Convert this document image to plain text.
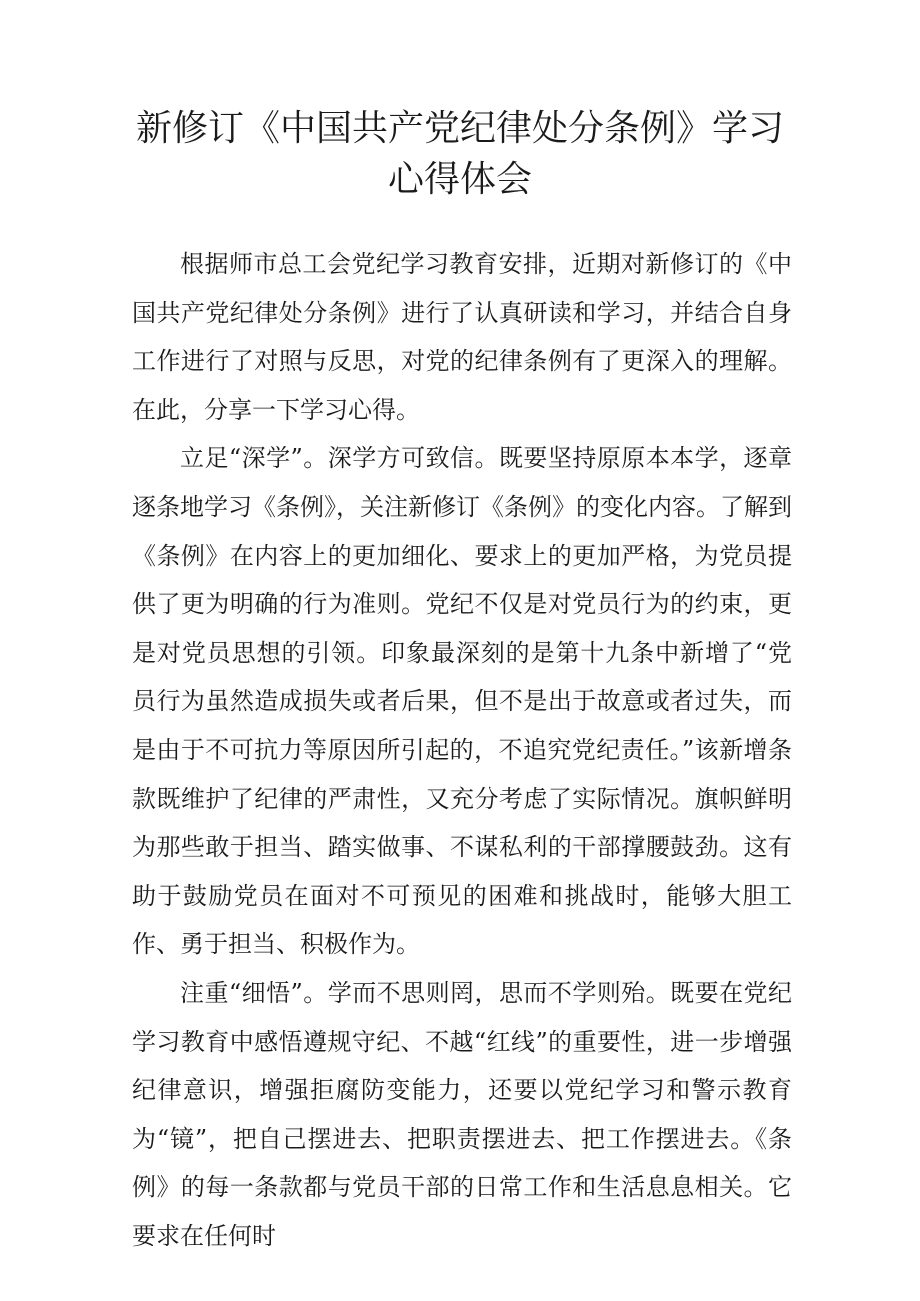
新修订《中国共产党纪律处分条例》学习
心得体会

根据师市总工会党纪学习教育安排，近期对新修订的《中国共产党纪律处分条例》进行了认真研读和学习，并结合自身工作进行了对照与反思，对党的纪律条例有了更深入的理解。在此，分享一下学习心得。

立足“深学”。深学方可致信。既要坚持原原本本学，逐章逐条地学习《条例》，关注新修订《条例》的变化内容。了解到《条例》在内容上的更加细化、要求上的更加严格，为党员提供了更为明确的行为准则。党纪不仅是对党员行为的约束，更是对党员思想的引领。印象最深刻的是第十九条中新增了“党员行为虽然造成损失或者后果，但不是出于故意或者过失，而是由于不可抗力等原因所引起的，不追究党纪责任。”该新增条款既维护了纪律的严肃性，又充分考虑了实际情况。旗帜鲜明为那些敢于担当、踏实做事、不谋私利的干部撑腰鼓劲。这有助于鼓励党员在面对不可预见的困难和挑战时，能够大胆工作、勇于担当、积极作为。

注重“细悟”。学而不思则罔，思而不学则殆。既要在党纪学习教育中感悟遵规守纪、不越“红线”的重要性，进一步增强纪律意识，增强拒腐防变能力，还要以党纪学习和警示教育为“镜”，把自己摆进去、把职责摆进去、把工作摆进去。《条例》的每一条款都与党员干部的日常工作和生活息息相关。它要求在任何时
